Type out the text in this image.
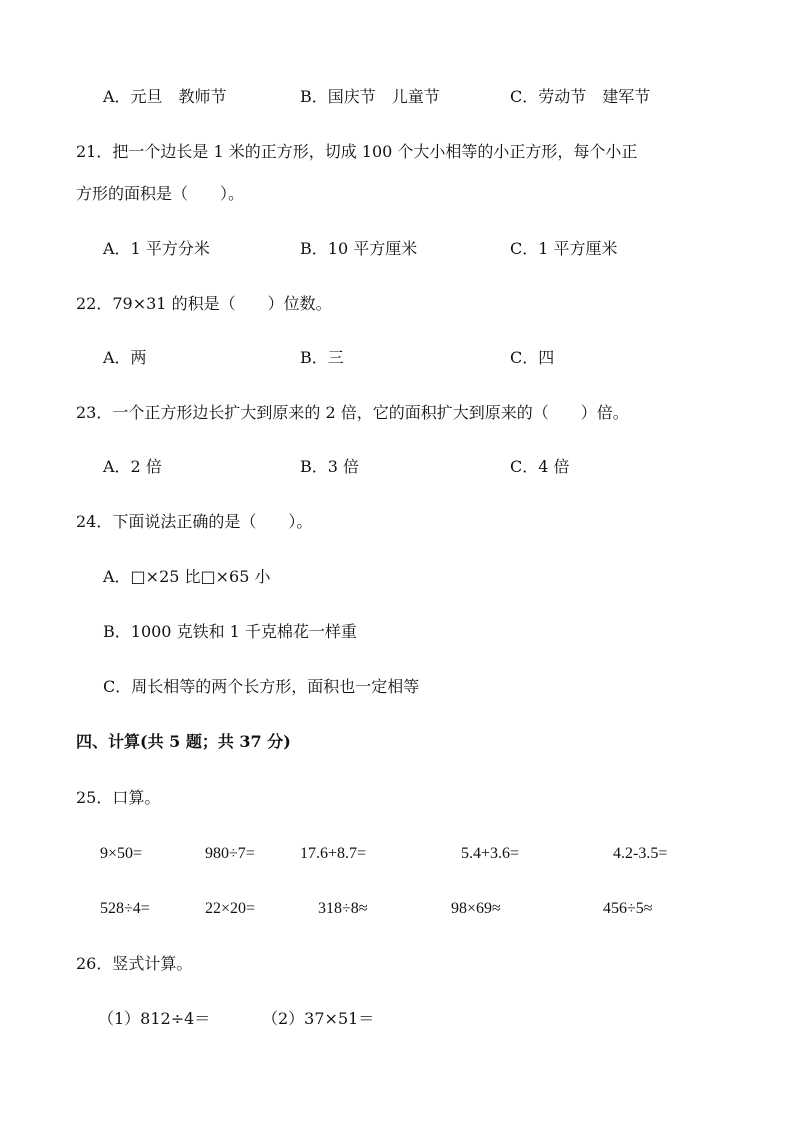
A．元旦　教师节	B．国庆节　儿童节	C．劳动节　建军节
21．把一个边长是 1 米的正方形，切成 100 个大小相等的小正方形，每个小正
方形的面积是（　　）。
A．1 平方分米	B．10 平方厘米	C．1 平方厘米
22．79×31 的积是（　　）位数。
A．两	B．三	C．四
23．一个正方形边长扩大到原来的 2 倍，它的面积扩大到原来的（　　）倍。
A．2 倍	B．3 倍	C．4 倍
24．下面说法正确的是（　　）。
A．□×25 比□×65 小
B．1000 克铁和 1 千克棉花一样重
C．周长相等的两个长方形，面积也一定相等
四、计算(共 5 题；共 37 分)
25．口算。
9×50=	980÷7=	17.6+8.7=	5.4+3.6=	4.2-3.5=
528÷4=	22×20=	318÷8≈	98×69≈	456÷5≈
26．竖式计算。
（1）812÷4＝	（2）37×51＝
